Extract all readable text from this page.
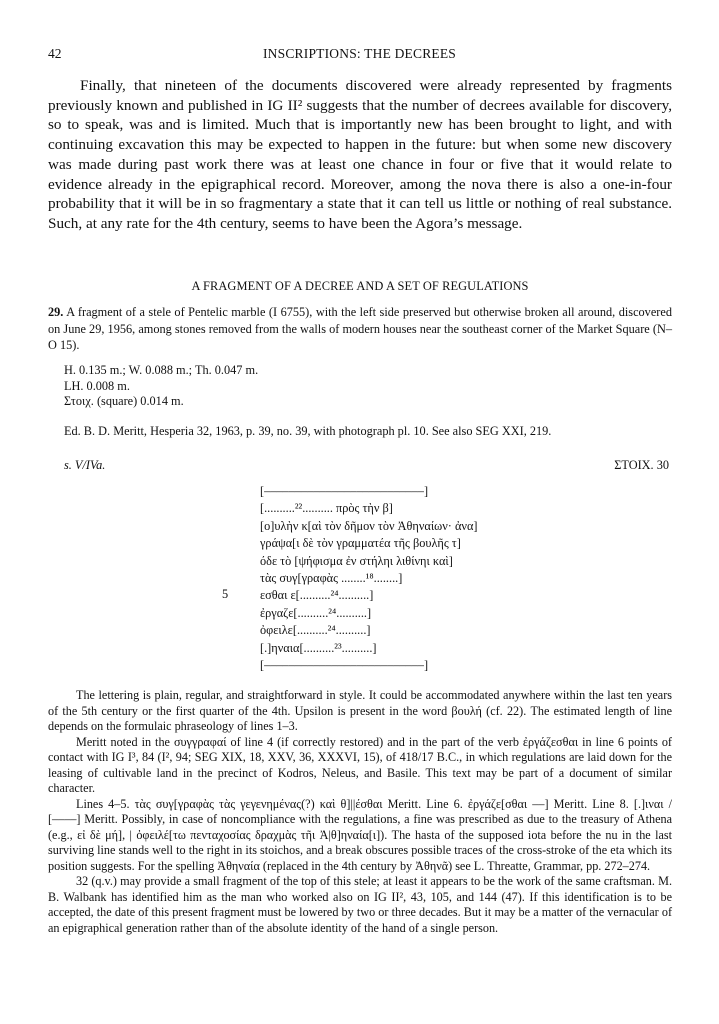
42	INSCRIPTIONS: THE DECREES

Finally, that nineteen of the documents discovered were already represented by fragments previously known and published in IG II² suggests that the number of decrees available for discovery, so to speak, was and is limited. Much that is importantly new has been brought to light, and with continuing excavation this may be expected to happen in the future: but when some new discovery was made during past work there was at least one chance in four or five that it would relate to evidence already in the epigraphical record. Moreover, among the nova there is also a one-in-four probability that it will be in so fragmentary a state that it can tell us little or nothing of real substance. Such, at any rate for the 4th century, seems to have been the Agora’s message.

A FRAGMENT OF A DECREE AND A SET OF REGULATIONS

29. A fragment of a stele of Pentelic marble (I 6755), with the left side preserved but otherwise broken all around, discovered on June 29, 1956, among stones removed from the walls of modern houses near the southeast corner of the Market Square (N–O 15).

H. 0.135 m.; W. 0.088 m.; Th. 0.047 m.
LH. 0.008 m.
Στοιχ. (square) 0.014 m.
Ed. B. D. Meritt, Hesperia 32, 1963, p. 39, no. 39, with photograph pl. 10. See also SEG XXI, 219.
s. V/IVa.	ΣΤΟΙΧ. 30
[––––––––––––––––––––––––––]
[..........²².......... πρὸς τὴν β]
[ο]υλὴν κ[αὶ τὸν δῆμον τὸν Ἀθηναίων· ἀνα]
γράψα[ι δὲ τὸν γραμματέα τῆς βουλῆς τ]
όδε τὸ [ψήφισμα ἐν στήληι λιθίνηι καὶ]
τὰς συγ[γραφὰς ........¹⁸........]
εσθαι ε[..........²⁴..........]
ἐργαζε[..........²⁴..........]
ὀφειλε[..........²⁴..........]
[.]ηναια[..........²³..........]
[––––––––––––––––––––––––––]
5

The lettering is plain, regular, and straightforward in style. It could be accommodated anywhere within the last ten years of the 5th century or the first quarter of the 4th. Upsilon is present in the word βουλή (cf. 22). The estimated length of line depends on the formulaic phraseology of lines 1–3.

Meritt noted in the συγγραφαί of line 4 (if correctly restored) and in the part of the verb ἐργάζεσθαι in line 6 points of contact with IG I³, 84 (I², 94; SEG XIX, 18, XXV, 36, XXXVI, 15), of 418/17 B.C., in which regulations are laid down for the leasing of cultivable land in the precinct of Kodros, Neleus, and Basile. This text may be part of a document of similar character.

Lines 4–5. τὰς συγ[γραφὰς τὰς γεγενημένας(?) καὶ θ]||έσθαι Meritt. Line 6. ἐργάζε[σθαι ––] Meritt. Line 8. [.]ιναι / [––––] Meritt. Possibly, in case of noncompliance with the regulations, a fine was prescribed as due to the treasury of Athena (e.g., εἰ δὲ μή], | ὀφειλέ[τω πενταχοσίας δραχμὰς τῆι Ἀ|θ]ηναία[ι]). The hasta of the supposed iota before the nu in the last surviving line stands well to the right in its stoichos, and a break obscures possible traces of the cross-stroke of the eta which its position suggests. For the spelling Ἀθηναία (replaced in the 4th century by Ἀθηνᾶ) see L. Threatte, Grammar, pp. 272–274.

32 (q.v.) may provide a small fragment of the top of this stele; at least it appears to be the work of the same craftsman. M. B. Walbank has identified him as the man who worked also on IG II², 43, 105, and 144 (47). If this identification is to be accepted, the date of this present fragment must be lowered by two or three decades. But it may be a matter of the vernacular of an epigraphical generation rather than of the absolute identity of the hand of a single person.
